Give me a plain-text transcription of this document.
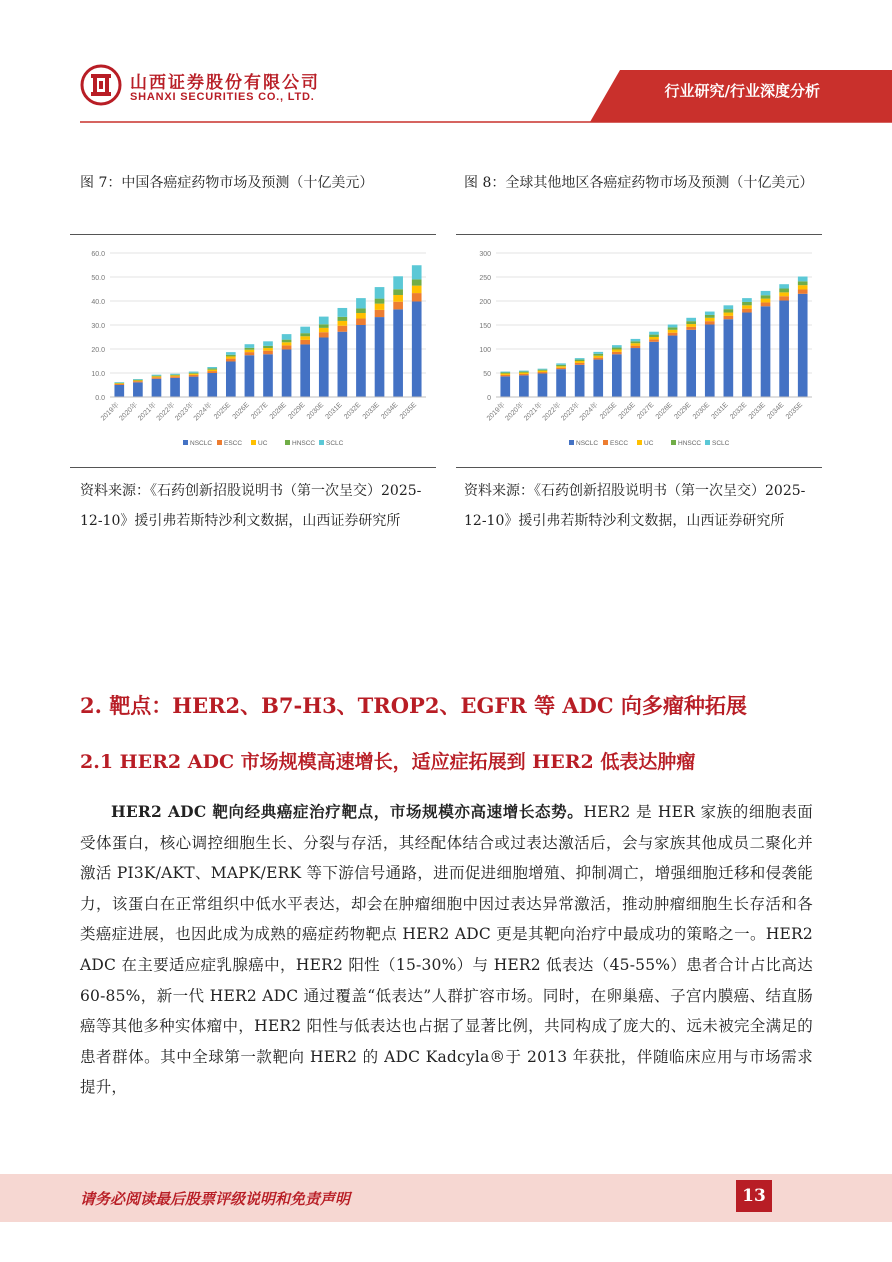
山西证券股份有限公司
SHANXI SECURITIES CO., LTD.	行业研究/行业深度分析
图 7：中国各癌症药物市场及预测（十亿美元）
0.0
10.0
20.0
30.0
40.0
50.0
60.0
2019年
2020年
2021年
2022年
2023年
2024年 2025E 2026E 2027E 2028E 2029E 2030E 2031E 2032E 2033E 2034E 2035E
NSCLC ESCC UC	HNSCC SCLC
资料来源：《石药创新招股说明书（第一次呈交）2025-12-10》援引弗若斯特沙利文数据，山西证券研究所
图 8：全球其他地区各癌症药物市场及预测（十亿美元）
0
50
100
150
200
250
300
2019年
2020年
2021年
2022年
2023年
2024年 2025E 2026E 2027E 2028E 2029E 2030E 2031E 2032E 2033E 2034E 2035E
NSCLC ESCC UC	HNSCC SCLC
资料来源：《石药创新招股说明书（第一次呈交）2025-12-10》援引弗若斯特沙利文数据，山西证券研究所
2. 靶点：HER2、B7-H3、TROP2、EGFR 等 ADC 向多瘤种拓展
2.1 HER2 ADC 市场规模高速增长，适应症拓展到 HER2 低表达肿瘤
HER2 ADC 靶向经典癌症治疗靶点，市场规模亦高速增长态势。HER2 是 HER 家族的细胞表面受体蛋白，核心调控细胞生长、分裂与存活，其经配体结合或过表达激活后，会与家族其他成员二聚化并激活 PI3K/AKT、MAPK/ERK 等下游信号通路，进而促进细胞增殖、抑制凋亡，增强细胞迁移和侵袭能力，该蛋白在正常组织中低水平表达，却会在肿瘤细胞中因过表达异常激活，推动肿瘤细胞生长存活和各类癌症进展，也因此成为成熟的癌症药物靶点 HER2 ADC 更是其靶向治疗中最成功的策略之一。HER2 ADC 在主要适应症乳腺癌中，HER2 阳性（15-30%）与 HER2 低表达（45-55%）患者合计占比高达 60-85%，新一代 HER2 ADC 通过覆盖“低表达”人群扩容市场。同时，在卵巢癌、子宫内膜癌、结直肠癌等其他多种实体瘤中，HER2 阳性与低表达也占据了显著比例，共同构成了庞大的、远未被完全满足的患者群体。其中全球第一款靶向 HER2 的 ADC Kadcyla®于 2013 年获批，伴随临床应用与市场需求提升，
请务必阅读最后股票评级说明和免责声明	13
